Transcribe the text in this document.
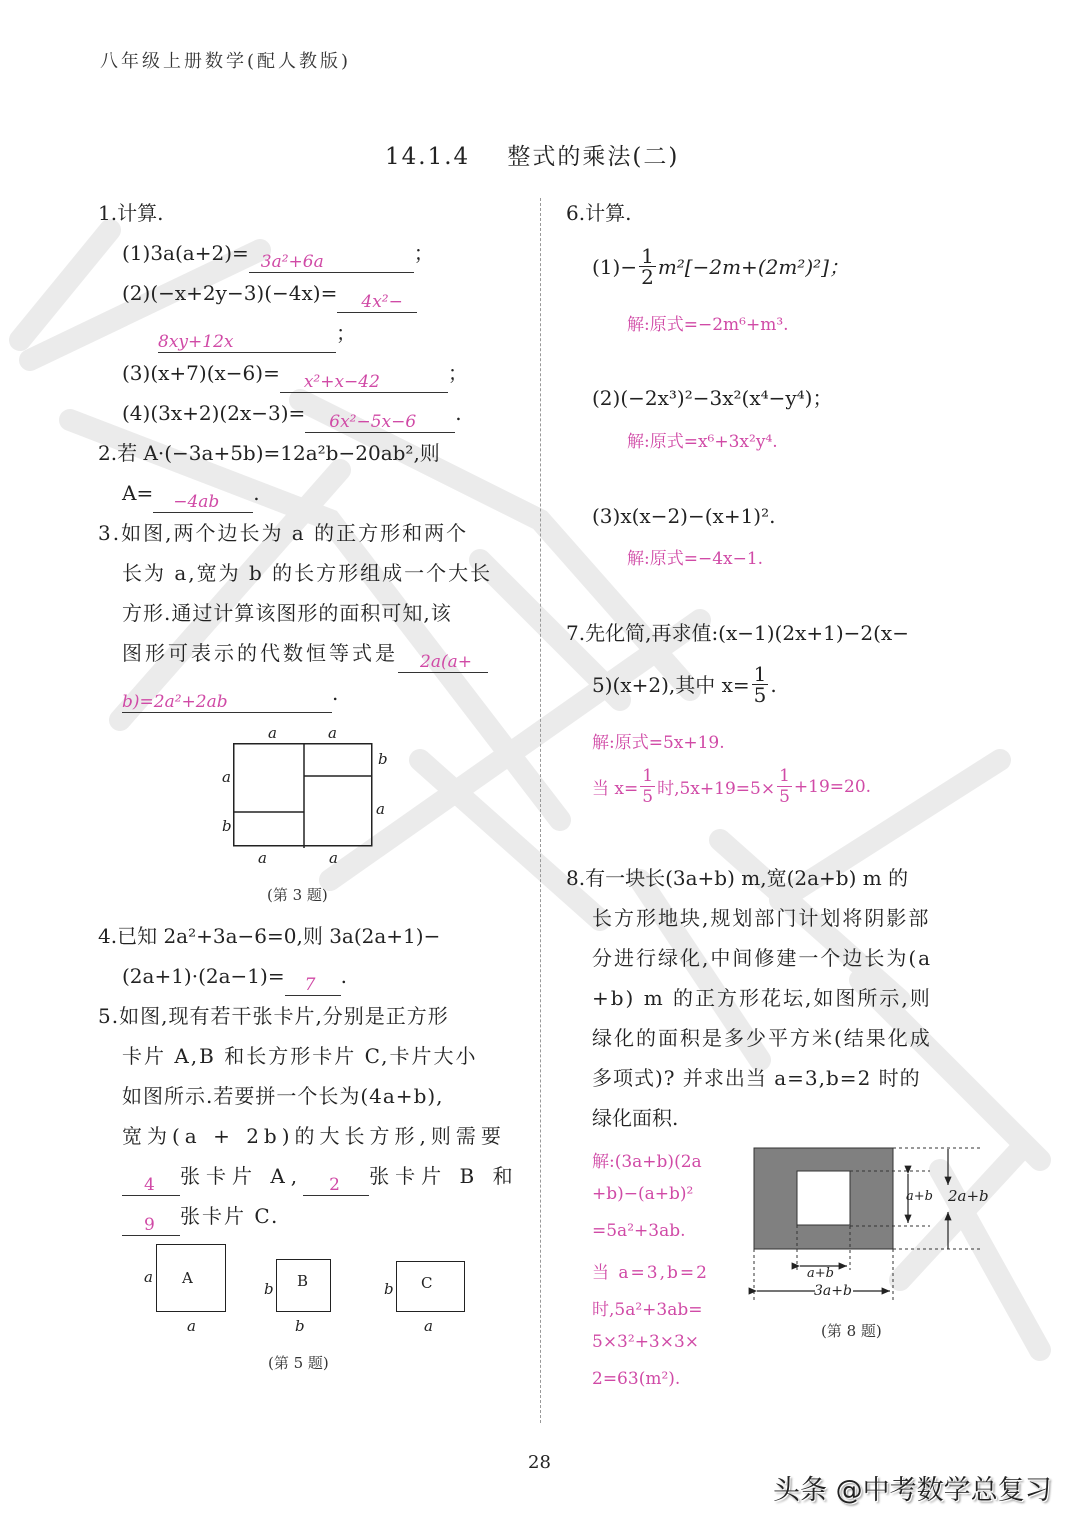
八年级上册数学(配人教版)
14.1.4 整式的乘法(二)
1.计算.
(1)3a(a+2)= 3a²+6a	；
(2)(−x+2y−3)(−4x)= 4x²−
8xy+12x	；
(3)(x+7)(x−6)= x²+x−42	；
(4)(3x+2)(2x−3)= 6x²−5x−6 .
2.若 A·(−3a+5b)=12a²b−20ab²,则
A= −4ab .
3.如图,两个边长为 a 的正方形和两个
长为 a,宽为 b 的长方形组成一个大长
方形.通过计算该图形的面积可知,该
图形可表示的代数恒等式是 2a(a+
b)=2a²+2ab	.
a	a
a
b
b
a
a	a
(第 3 题)
4.已知 2a²+3a−6=0,则 3a(2a+1)−
(2a+1)·(2a−1)= 7 .
5.如图,现有若干张卡片,分别是正方形
卡片 A,B 和长方形卡片 C,卡片大小
如图所示.若要拼一个长为(4a+b),
宽为(a + 2b)的大长方形,则需要
4 张卡片 A, 2 张卡片 B 和
9 张卡片 C.
A
a
a
B
b
b
C
b
a
(第 5 题)
6.计算.
$(1)- \frac{1}{2} m^2[-2m+(2m^2)^2]$；
解:原式=−2m⁶+m³.
(2)(−2x³)²−3x²(x⁴−y⁴)；
解:原式=x⁶+3x²y⁴.
(3)x(x−2)−(x+1)².
解:原式=−4x−1.
7.先化简,再求值:(x−1)(2x+1)−2(x−
5)(x+2),其中 $x= \frac{1}{5}$ .
解:原式=5x+19.
当 $x= \frac{1}{5}$ 时$,5x+19=5\times \frac{1}{5} +19=20$.
8.有一块长(3a+b) m,宽(2a+b) m 的
长方形地块,规划部门计划将阴影部
分进行绿化,中间修建一个边长为(a
+b) m 的正方形花坛,如图所示,则
绿化的面积是多少平方米(结果化成
多项式)? 并求出当 a=3,b=2 时的
绿化面积.
解:(3a+b)(2a
+b)−(a+b)²
=5a²+3ab.
当 a=3,b=2
时,5a²+3ab=
5×3²+3×3×
2=63(m²).
a+b 2a+b
a+b
3a+b
(第 8 题)
28
头条 @中考数学总复习
